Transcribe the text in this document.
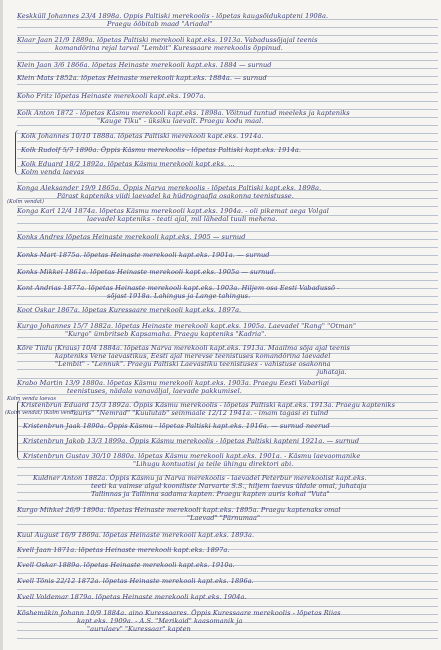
Keskküll Johannes 23/4 1898a. Oppis Paltiski merekoolis - lõpetas kaugsõidukapteni 1908a.
Praegu ööbitab maad "Ariadal"
Klaar Jaan 21/9 1889a. lõpetas Paltiski merekooli kapt.eks. 1913a. Vabadussõjajal teenis
komandörina rejal tarval "Lembit" Kuressaare merekoolis õppinud.
Klein Jaan 3/6 1866a. lõpetas Heinaste merekooli kapt.eks. 1884 — surnud
Klein Mats 1852a. lõpetas Heinaste merekooli kapt.eks. 1884a. — surnud
Koho Fritz lõpetas Heinaste merekooli kapt.eks. 1907a.
Kolk Anton 1872 - lõpetas Käsmu merekooli kapt.eks. 1898a. Võitnud tuntud meeleks ja kapteniks
"Kauge Tiku" - üksiku laevalt. Praegu kodu maal.
Kolk Johannes 10/10 1888a. lõpetas Paltiski merekooli kapt.eks. 1914a.
Kolk Rudolf 5/7 1890a. Õppis Käsmu merekoolis - lõpetas Paltiski kapt.eks. 1914a.
Kolk Eduard 18/2 1892a. lõpetas Käsmu merekooli kapt.eks. ...
Kolm venda laevas
Konga Aleksander 19/9 1865a. Õppis Narva merekoolis - lõpetas Paltiski kapt.eks. 1898a.
Pärast kapteniks viidi laevadel ka hüdrograafia osakonna teenistusse.
(Kolm vendat)
Konga Karl 12/4 1874a. lõpetas Käsmu merekooli kapt.eks. 1904a. - oli pikemat aega Volgal
laevadel kapteniks - teati ajal, mil lähedal tuuli mehena.
Konks Andres lõpetas Heinaste merekooli kapt.eks. 1905 — surnud
Konks Mart 1875a. lõpetas Heinaste merekooli kapt.eks. 1901a. — surnud
Konks Mikkel 1861a. lõpetas Heinaste merekooli kapt.eks. 1905a — surnud.
Kont Andrias 1877a. lõpetas Heinaste merekooli kapt.eks. 1903a. Hiljem osa Eesti Vabadussõ -
sõjast 1918a. Lahingus ja Lange tahingus.
Koot Oskar 1867a. lõpetas Kuressaare merekooli kapt.eks. 1897a.
Kurgo Johannes 15/7 1882a. lõpetas Heinaste merekooli kapt.eks. 1905a. Laevadel "Rang" "Otman"
"Kurgo" ümbritseb Kapsamaha. Praegu kapteniks "Kadria".
Kõre Tiidu (Kraus) 10/4 1884a. lõpetas Narva merekooli kapt.eks. 1913a. Maailma sõja ajal teenis
kapteniks Vene laevastikus, Eesti ajal merevse teenistuses komandörina laevadel
"Lembit" - "Lennuk". Praegu Paltiski Laevastiku teenistuses - vahistuse osakonna
juhataja.
Krabo Martin 13/9 1880a. lõpetas Käsmu merekooli kapt.eks. 1903a. Praegu Eesti Vabariigi
teenistuses, nädala vanaväljal, laevade pakkumisel.
Kolm venda laevas
(Kolm vendat) (Kolm vend)
Kristenbrun Eduard 15/3 1892a. Õppis Käsmu merekoolis - lõpetas Paltiski kapt.eks. 1913a. Praegu kapteniks
"auris" "Nemrad" "Kuulutab" seinmaale 12/12 1941a. - imam tagasi ei tulnd
Kristenbrun Jaak 1890a. Õppis Käsmu - lõpetas Paltiski kapt.eks. 1916a. — surnud neerud
Kristenbrun Jakob 13/3 1899a. Õppis Käsmu merekoolis - lõpetas Paltiski kapteni 1921a. — surnud
Kristenbrun Gustav 30/10 1880a. lõpetas Käsmu merekooli kapt.eks. 1901a. - Käsmu laevaomanike
"Lihugu kontuatisi ja teile ühingu direktori abi.
Kuldner Anton 1882a. Õppis Käsmu ja Narva merekoolis - laevadel Peterbur merekoolist kapt.eks.
teeti ka vaimse algul kooniliste Narvarte S.S., hiljem laevus üldale omal, juhataja
Tallinnas ja Tallinna sadama kapten. Praegu kapten auris kohal "Vuta"
Kurgo Mihkel 26/9 1890a. lõpetas Heinaste merekooli kapt.eks. 1895a. Praegu kaptenaks omal
"Laevad" "Pärnumaa"
Kuul August 16/9 1869a. lõpetas Heinaste merekooli kapt.eks. 1893a.
Kvell Jaan 1871a. lõpetas Heinaste merekooli kapt.eks. 1897a.
Kvell Oskar 1889a. lõpetas Heinaste merekooli kapt.eks. 1910a.
Kvell Tõnis 22/12 1872a. lõpetas Heinaste merekooli kapt.eks. 1896a.
Kvell Voldemar 1879a. lõpetas Heinaste merekooli kapt.eks. 1904a.
Kõshemäkin Johann 10/9 1884a. aino Kuressaares. Õppis Kuressaare merekoolis - lõpetas Riias
kapt.eks. 1909a. - A.S. "Merikaid" kaasomanik ja
"aurulaev" "Kuressaar" kapten
